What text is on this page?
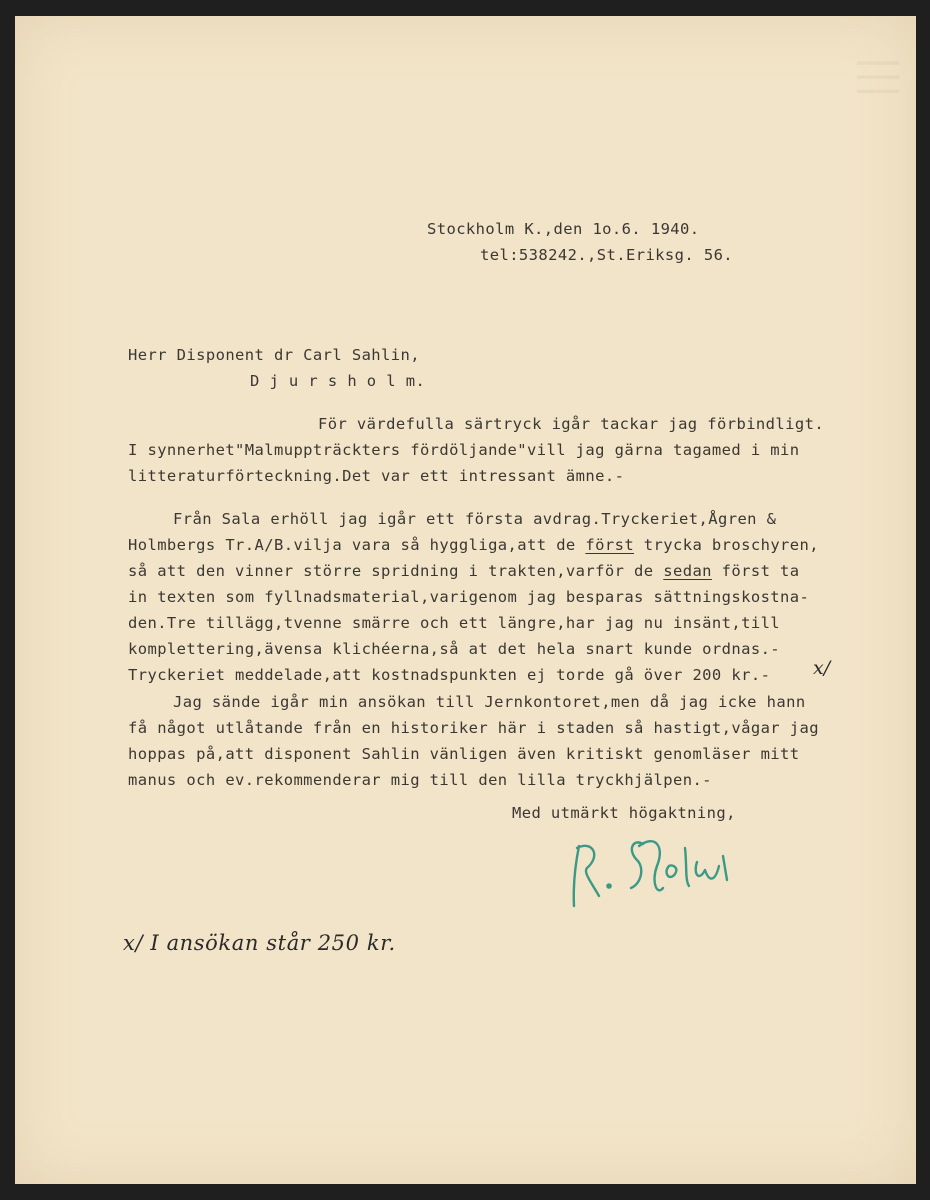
|||
Stockholm K.,den 1o.6. 1940.
tel:538242.,St.Eriksg. 56.
Herr Disponent dr Carl Sahlin,
D j u r s h o l m.
För värdefulla särtryck igår tackar jag förbindligt.
I synnerhet"Malmuppträckters fördöljande"vill jag gärna tagamed i min
litteraturförteckning.Det var ett intressant ämne.-
Från Sala erhöll jag igår ett första avdrag.Tryckeriet,Ågren &
Holmbergs Tr.A/B.vilja vara så hyggliga,att de först trycka broschyren,
så att den vinner större spridning i trakten,varför de sedan först ta
in texten som fyllnadsmaterial,varigenom jag besparas sättningskostna-
den.Tre tillägg,tvenne smärre och ett längre,har jag nu insänt,till
komplettering,ävensa klichéerna,så at det hela snart kunde ordnas.-
Tryckeriet meddelade,att kostnadspunkten ej torde gå över 200 kr.- x/
Jag sände igår min ansökan till Jernkontoret,men då jag icke hann
få något utlåtande från en historiker här i staden så hastigt,vågar jag
hoppas på,att disponent Sahlin vänligen även kritiskt genomläser mitt
manus och ev.rekommenderar mig till den lilla tryckhjälpen.-
Med utmärkt högaktning,
x/ I ansökan står 250 kr.
